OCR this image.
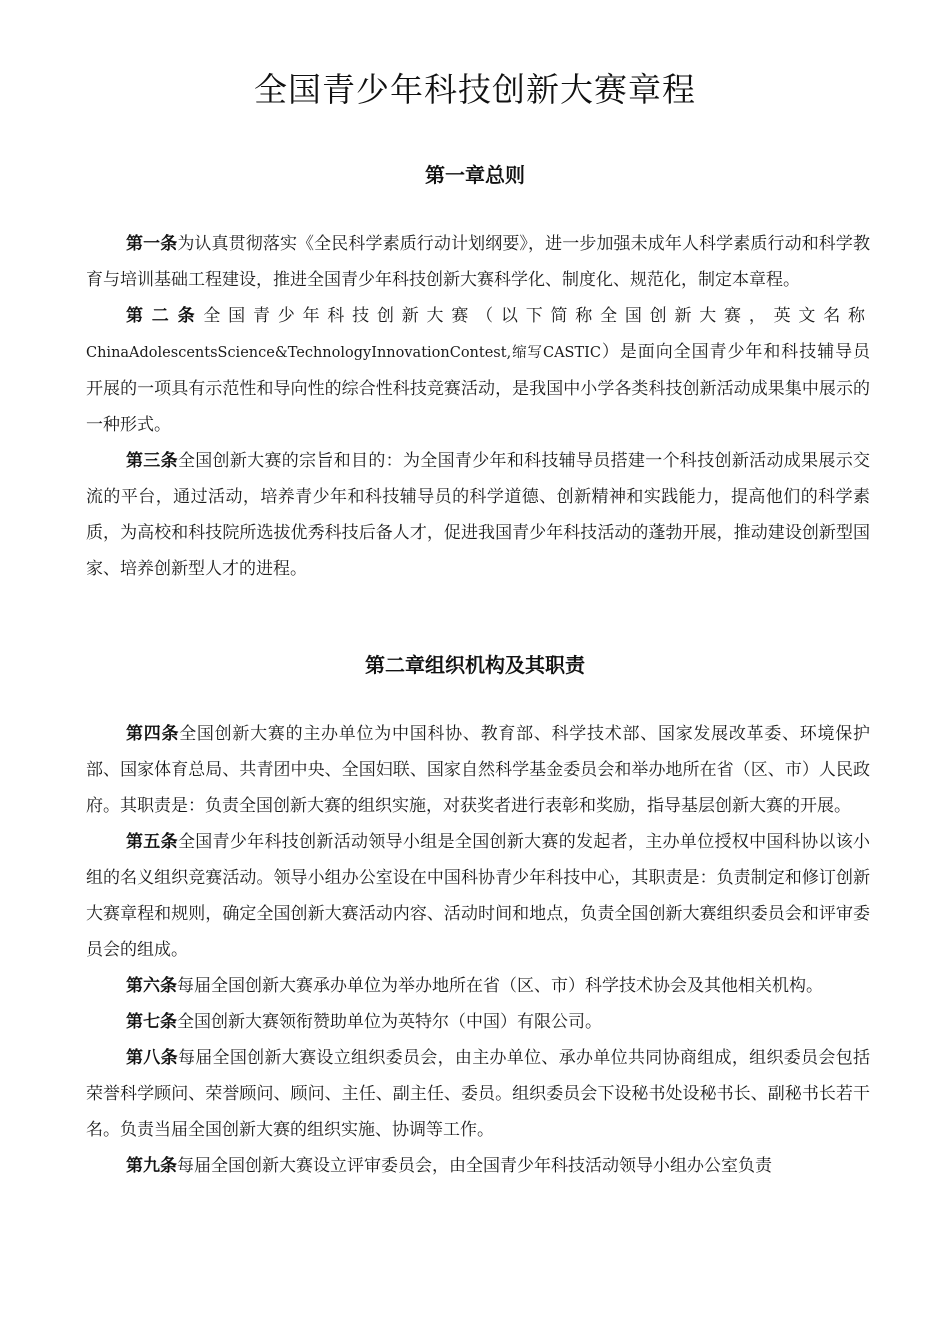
全国青少年科技创新大赛章程
第一章总则

第一条为认真贯彻落实《全民科学素质行动计划纲要》，进一步加强未成年人科学素质行动和科学教育与培训基础工程建设，推进全国青少年科技创新大赛科学化、制度化、规范化，制定本章程。

第二条全国青少年科技创新大赛（以下简称全国创新大赛，英文名称ChinaAdolescentsScience&TechnologyInnovationContest,缩写CASTIC）是面向全国青少年和科技辅导员开展的一项具有示范性和导向性的综合性科技竞赛活动，是我国中小学各类科技创新活动成果集中展示的一种形式。

第三条全国创新大赛的宗旨和目的：为全国青少年和科技辅导员搭建一个科技创新活动成果展示交流的平台，通过活动，培养青少年和科技辅导员的科学道德、创新精神和实践能力，提高他们的科学素质，为高校和科技院所选拔优秀科技后备人才，促进我国青少年科技活动的蓬勃开展，推动建设创新型国家、培养创新型人才的进程。

第二章组织机构及其职责

第四条全国创新大赛的主办单位为中国科协、教育部、科学技术部、国家发展改革委、环境保护部、国家体育总局、共青团中央、全国妇联、国家自然科学基金委员会和举办地所在省（区、市）人民政府。其职责是：负责全国创新大赛的组织实施，对获奖者进行表彰和奖励，指导基层创新大赛的开展。

第五条全国青少年科技创新活动领导小组是全国创新大赛的发起者，主办单位授权中国科协以该小组的名义组织竞赛活动。领导小组办公室设在中国科协青少年科技中心，其职责是：负责制定和修订创新大赛章程和规则，确定全国创新大赛活动内容、活动时间和地点，负责全国创新大赛组织委员会和评审委员会的组成。

第六条每届全国创新大赛承办单位为举办地所在省（区、市）科学技术协会及其他相关机构。

第七条全国创新大赛领衔赞助单位为英特尔（中国）有限公司。

第八条每届全国创新大赛设立组织委员会，由主办单位、承办单位共同协商组成，组织委员会包括荣誉科学顾问、荣誉顾问、顾问、主任、副主任、委员。组织委员会下设秘书处设秘书长、副秘书长若干名。负责当届全国创新大赛的组织实施、协调等工作。

第九条每届全国创新大赛设立评审委员会，由全国青少年科技活动领导小组办公室负责
